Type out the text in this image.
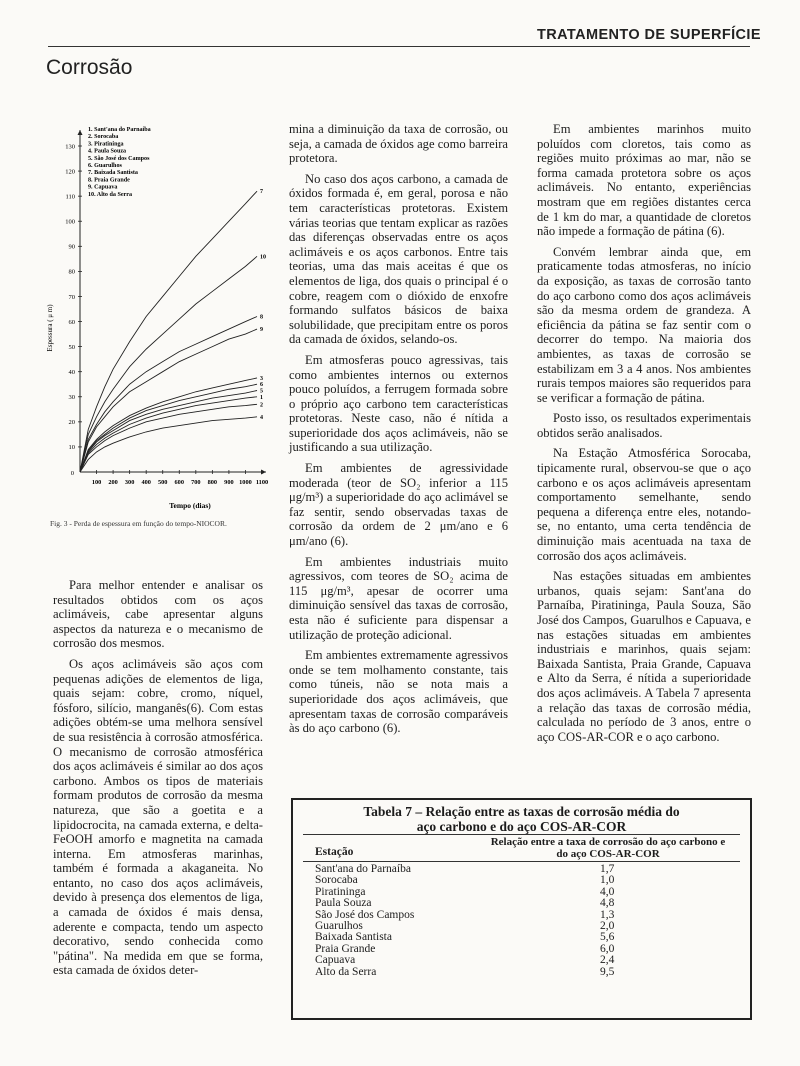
TRATAMENTO DE SUPERFÍCIE
Corrosão
1. Sant'ana do Parnaíba
2. Sorocaba
3. Piratininga
4. Paula Souza
5. São José dos Campos
6. Guarulhos
7. Baixada Santista
8. Praia Grande
9. Capuava
10. Alto da Serra
0
10
20
30
40
50
60
70
80
90
100
110
120
130
100 200 300 400 500 600 700 800 900 1000 1100
7
10
8
9
3
6
5
1
2
4
Tempo (dias)
Espessura ( μ m)
Fig. 3 - Perda de espessura em função do tempo-NIOCOR.

Para melhor entender e analisar os resultados obtidos com os aços aclimáveis, cabe apresentar alguns aspectos da natureza e o mecanismo de corrosão dos mesmos.

Os aços aclimáveis são aços com pequenas adições de elementos de liga, quais sejam: cobre, cromo, níquel, fósforo, silício, manganês(6). Com estas adições obtém-se uma melhora sensível de sua resistência à corrosão atmosférica. O mecanismo de corrosão atmosférica dos aços aclimáveis é similar ao dos aços carbono. Ambos os tipos de materiais formam produtos de corrosão da mesma natureza, que são a goetita e a lipidocrocita, na camada externa, e delta-FeOOH amorfo e magnetita na camada interna. Em atmosferas marinhas, também é formada a akaganeita. No entanto, no caso dos aços aclimáveis, devido à presença dos elementos de liga, a camada de óxidos é mais densa, aderente e compacta, tendo um aspecto decorativo, sendo conhecida como "pátina". Na medida em que se forma, esta camada de óxidos deter-

mina a diminuição da taxa de corrosão, ou seja, a camada de óxidos age como barreira protetora.

No caso dos aços carbono, a camada de óxidos formada é, em geral, porosa e não tem características protetoras. Existem várias teorias que tentam explicar as razões das diferenças observadas entre os aços aclimáveis e os aços carbonos. Entre tais teorias, uma das mais aceitas é que os elementos de liga, dos quais o principal é o cobre, reagem com o dióxido de enxofre formando sulfatos básicos de baixa solubilidade, que precipitam entre os poros da camada de óxidos, selando-os.

Em atmosferas pouco agressivas, tais como ambientes internos ou externos pouco poluídos, a ferrugem formada sobre o próprio aço carbono tem características protetoras. Neste caso, não é nítida a superioridade dos aços aclimáveis, não se justificando a sua utilização.

Em ambientes de agressividade moderada (teor de SO₂ inferior a 115 μg/m³) a superioridade do aço aclimável se faz sentir, sendo observadas taxas de corrosão da ordem de 2 μm/ano e 6 μm/ano (6).

Em ambientes industriais muito agressivos, com teores de SO₂ acima de 115 μg/m³, apesar de ocorrer uma diminuição sensível das taxas de corrosão, esta não é suficiente para dispensar a utilização de proteção adicional.

Em ambientes extremamente agressivos onde se tem molhamento constante, tais como túneis, não se nota mais a superioridade dos aços aclimáveis, que apresentam taxas de corrosão comparáveis às do aço carbono (6).

Em ambientes marinhos muito poluídos com cloretos, tais como as regiões muito próximas ao mar, não se forma camada protetora sobre os aços aclimáveis. No entanto, experiências mostram que em regiões distantes cerca de 1 km do mar, a quantidade de cloretos não impede a formação de pátina (6).

Convém lembrar ainda que, em praticamente todas atmosferas, no início da exposição, as taxas de corrosão tanto do aço carbono como dos aços aclimáveis são da mesma ordem de grandeza. A eficiência da pátina se faz sentir com o decorrer do tempo. Na maioria dos ambientes, as taxas de corrosão se estabilizam em 3 a 4 anos. Nos ambientes rurais tempos maiores são requeridos para se verificar a formação de pátina.

Posto isso, os resultados experimentais obtidos serão analisados.

Na Estação Atmosférica Sorocaba, tipicamente rural, observou-se que o aço carbono e os aços aclimáveis apresentam comportamento semelhante, sendo pequena a diferença entre eles, notando-se, no entanto, uma certa tendência de diminuição mais acentuada na taxa de corrosão dos aços aclimáveis.

Nas estações situadas em ambientes urbanos, quais sejam: Sant'ana do Parnaíba, Piratininga, Paula Souza, São José dos Campos, Guarulhos e Capuava, e nas estações situadas em ambientes industriais e marinhos, quais sejam: Baixada Santista, Praia Grande, Capuava e Alto da Serra, é nítida a superioridade dos aços aclimáveis. A Tabela 7 apresenta a relação das taxas de corrosão média, calculada no período de 3 anos, entre o aço COS-AR-COR e o aço carbono.

Tabela 7 – Relação entre as taxas de corrosão média do
aço carbono e do aço COS-AR-COR
Estação
Relação entre a taxa de corrosão do aço carbono e
do aço COS-AR-COR
Sant'ana do Parnaíba	1,7
Sorocaba	1,0
Piratininga	4,0
Paula Souza	4,8
São José dos Campos	1,3
Guarulhos	2,0
Baixada Santista	5,6
Praia Grande	6,0
Capuava	2,4
Alto da Serra	9,5
